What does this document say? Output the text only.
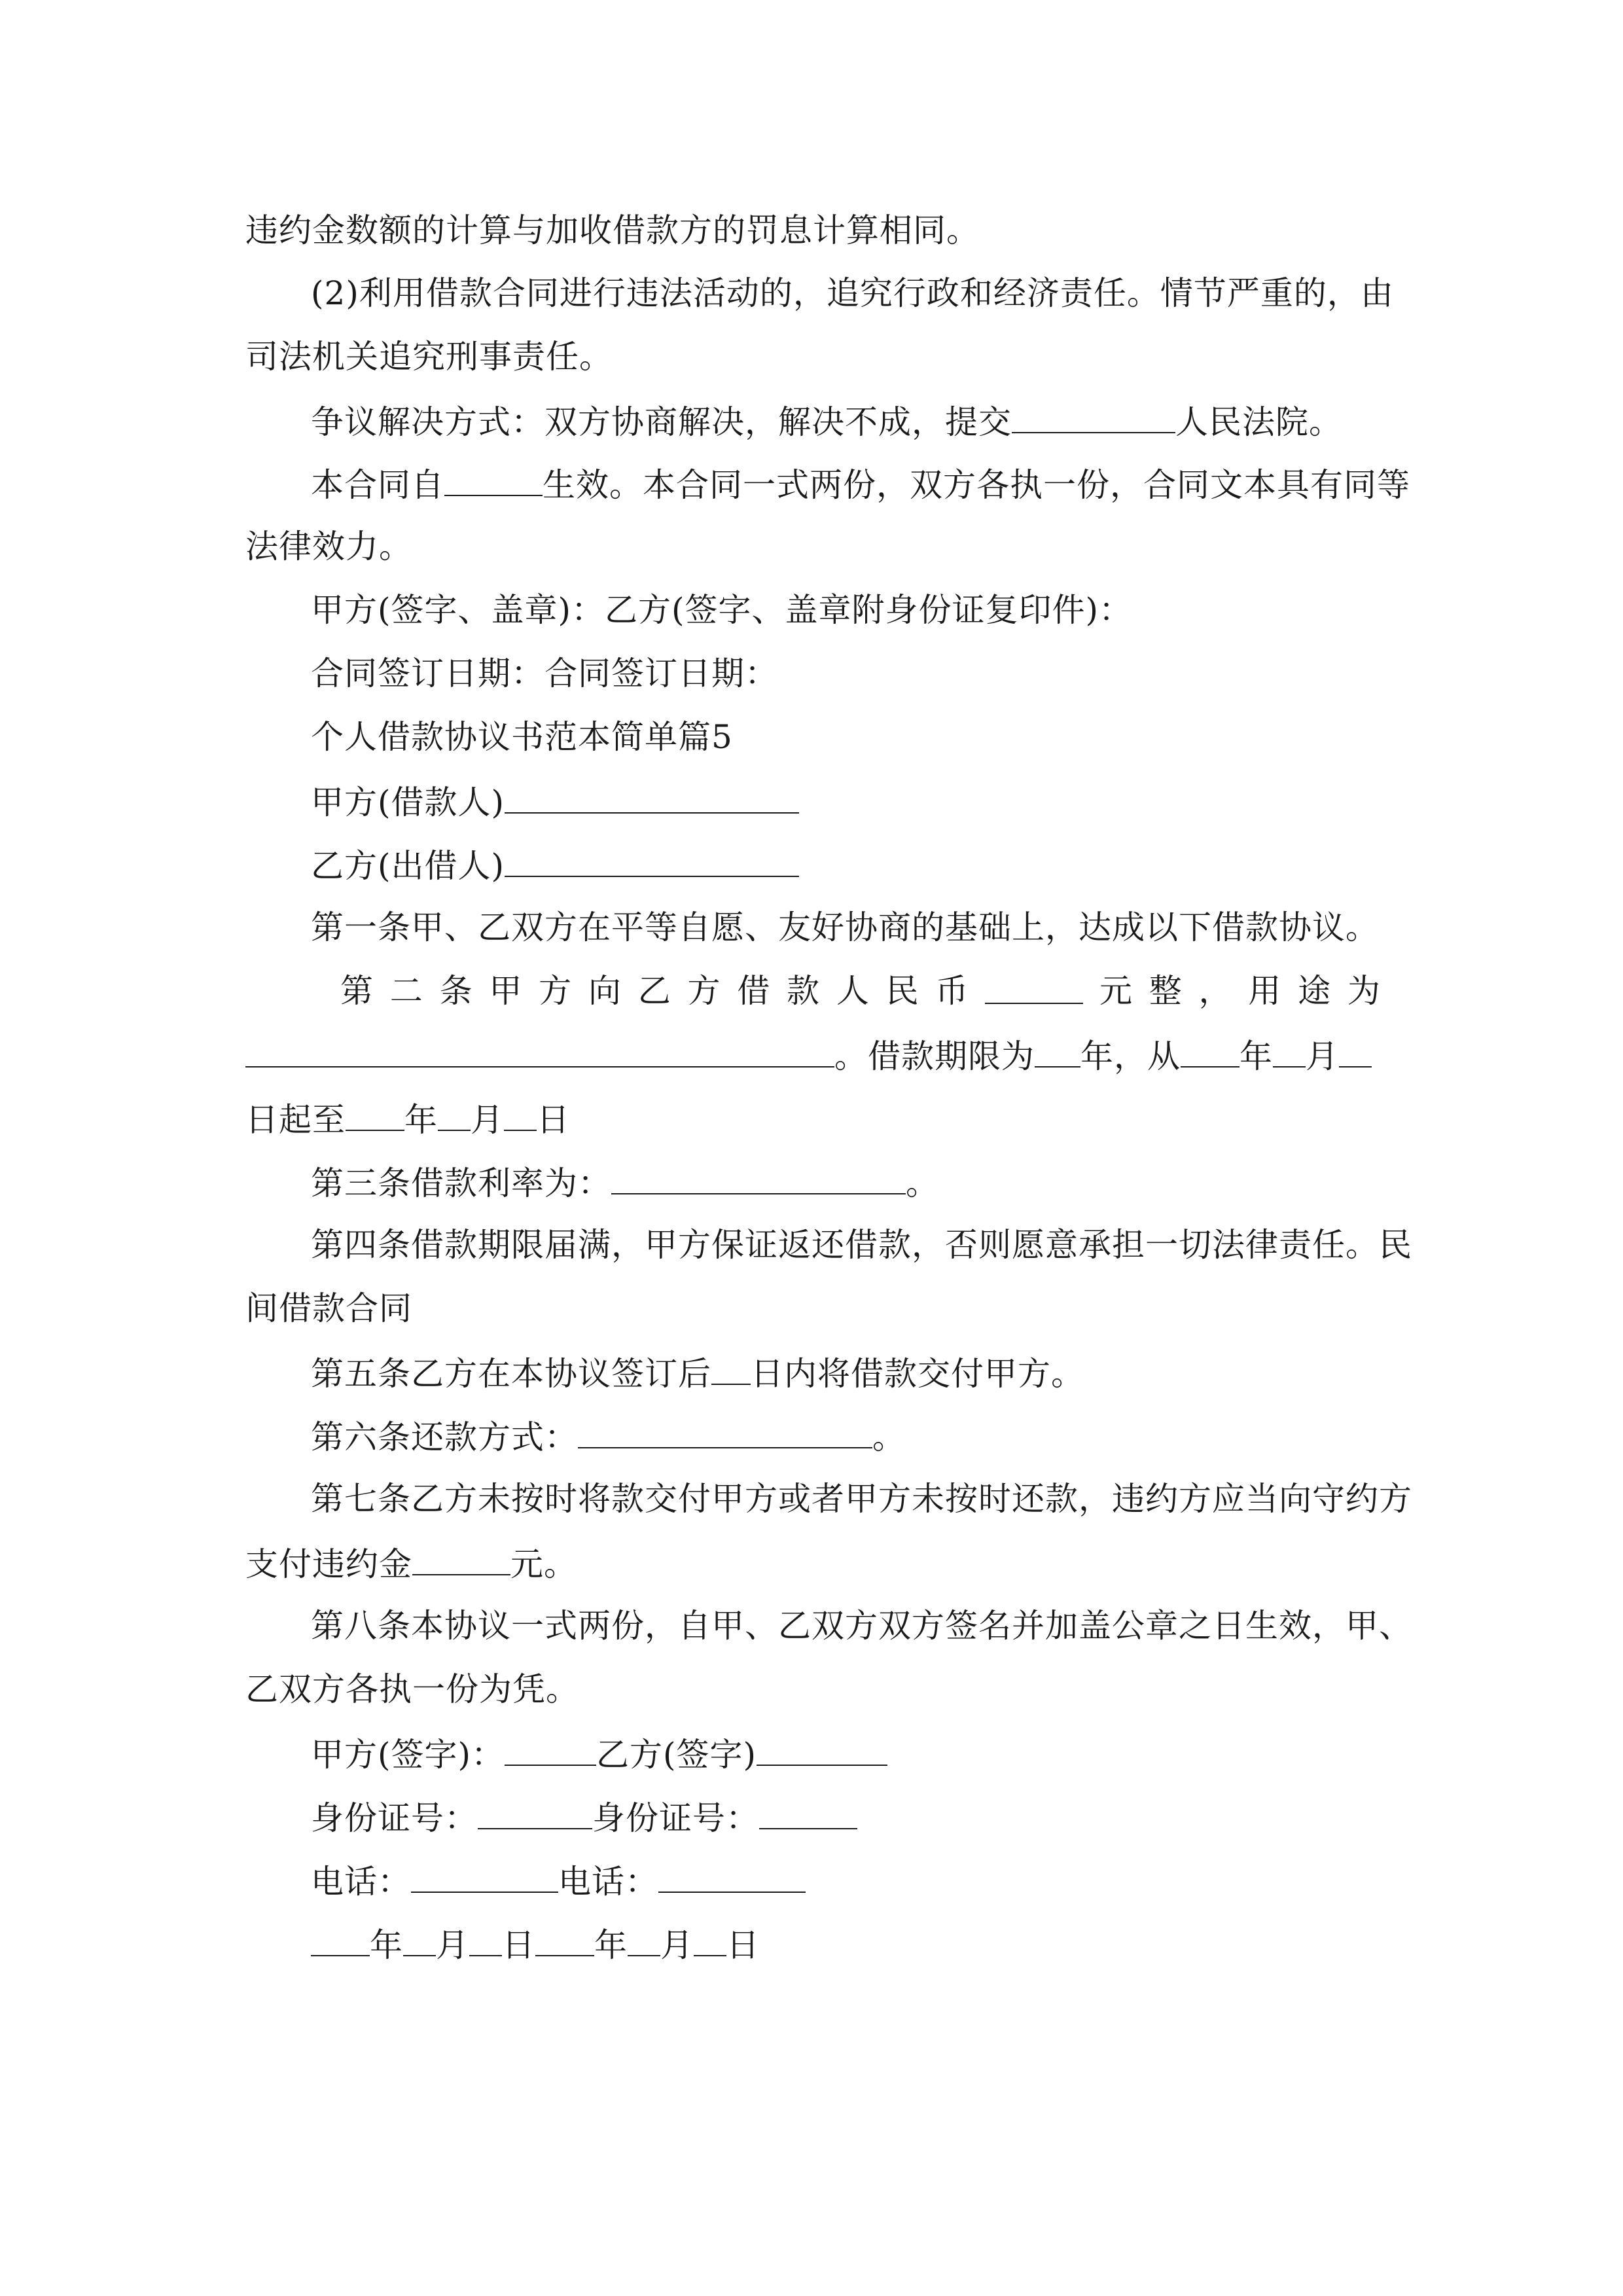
违约金数额的计算与加收借款方的罚息计算相同。
(2)利用借款合同进行违法活动的，追究行政和经济责任。情节严重的，由
司法机关追究刑事责任。
争议解决方式：双方协商解决，解决不成，提交	人民法院。
本合同自	生效。本合同一式两份，双方各执一份，合同文本具有同等
法律效力。
甲方(签字、盖章)：乙方(签字、盖章附身份证复印件)：
合同签订日期：合同签订日期：
个人借款协议书范本简单篇5
甲方(借款人)
乙方(出借人)
第一条甲、乙双方在平等自愿、友好协商的基础上，达成以下借款协议。
第 二 条 甲 方 向 乙 方 借 款 人 民 币	元 整 ， 用 途 为
。借款期限为 年，从 年 月
日起至 年 月 日
第三条借款利率为：	。
第四条借款期限届满，甲方保证返还借款，否则愿意承担一切法律责任。民
间借款合同
第五条乙方在本协议签订后 日内将借款交付甲方。
第六条还款方式：	。
第七条乙方未按时将款交付甲方或者甲方未按时还款，违约方应当向守约方
支付违约金	元。
第八条本协议一式两份，自甲、乙双方双方签名并加盖公章之日生效，甲、
乙双方各执一份为凭。
甲方(签字)：	乙方(签字)
身份证号：	身份证号：
电话：	电话：
年 月 日 年 月 日
